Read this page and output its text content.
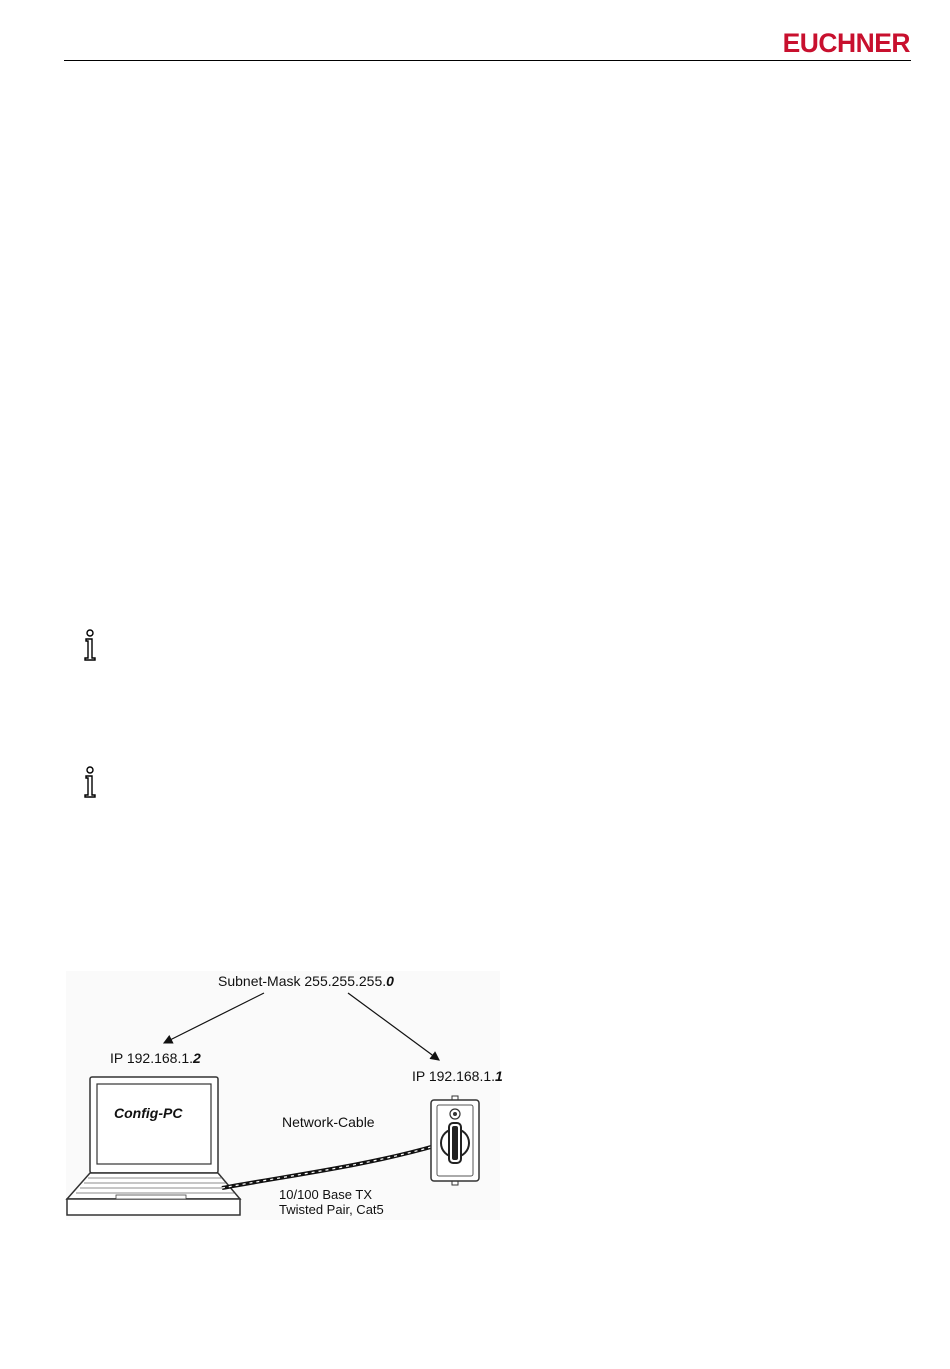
EUCHNER
Subnet-Mask 255.255.255.0
IP 192.168.1.2
IP 192.168.1.1
Config-PC
Network-Cable
10/100 Base TX
Twisted Pair, Cat5
